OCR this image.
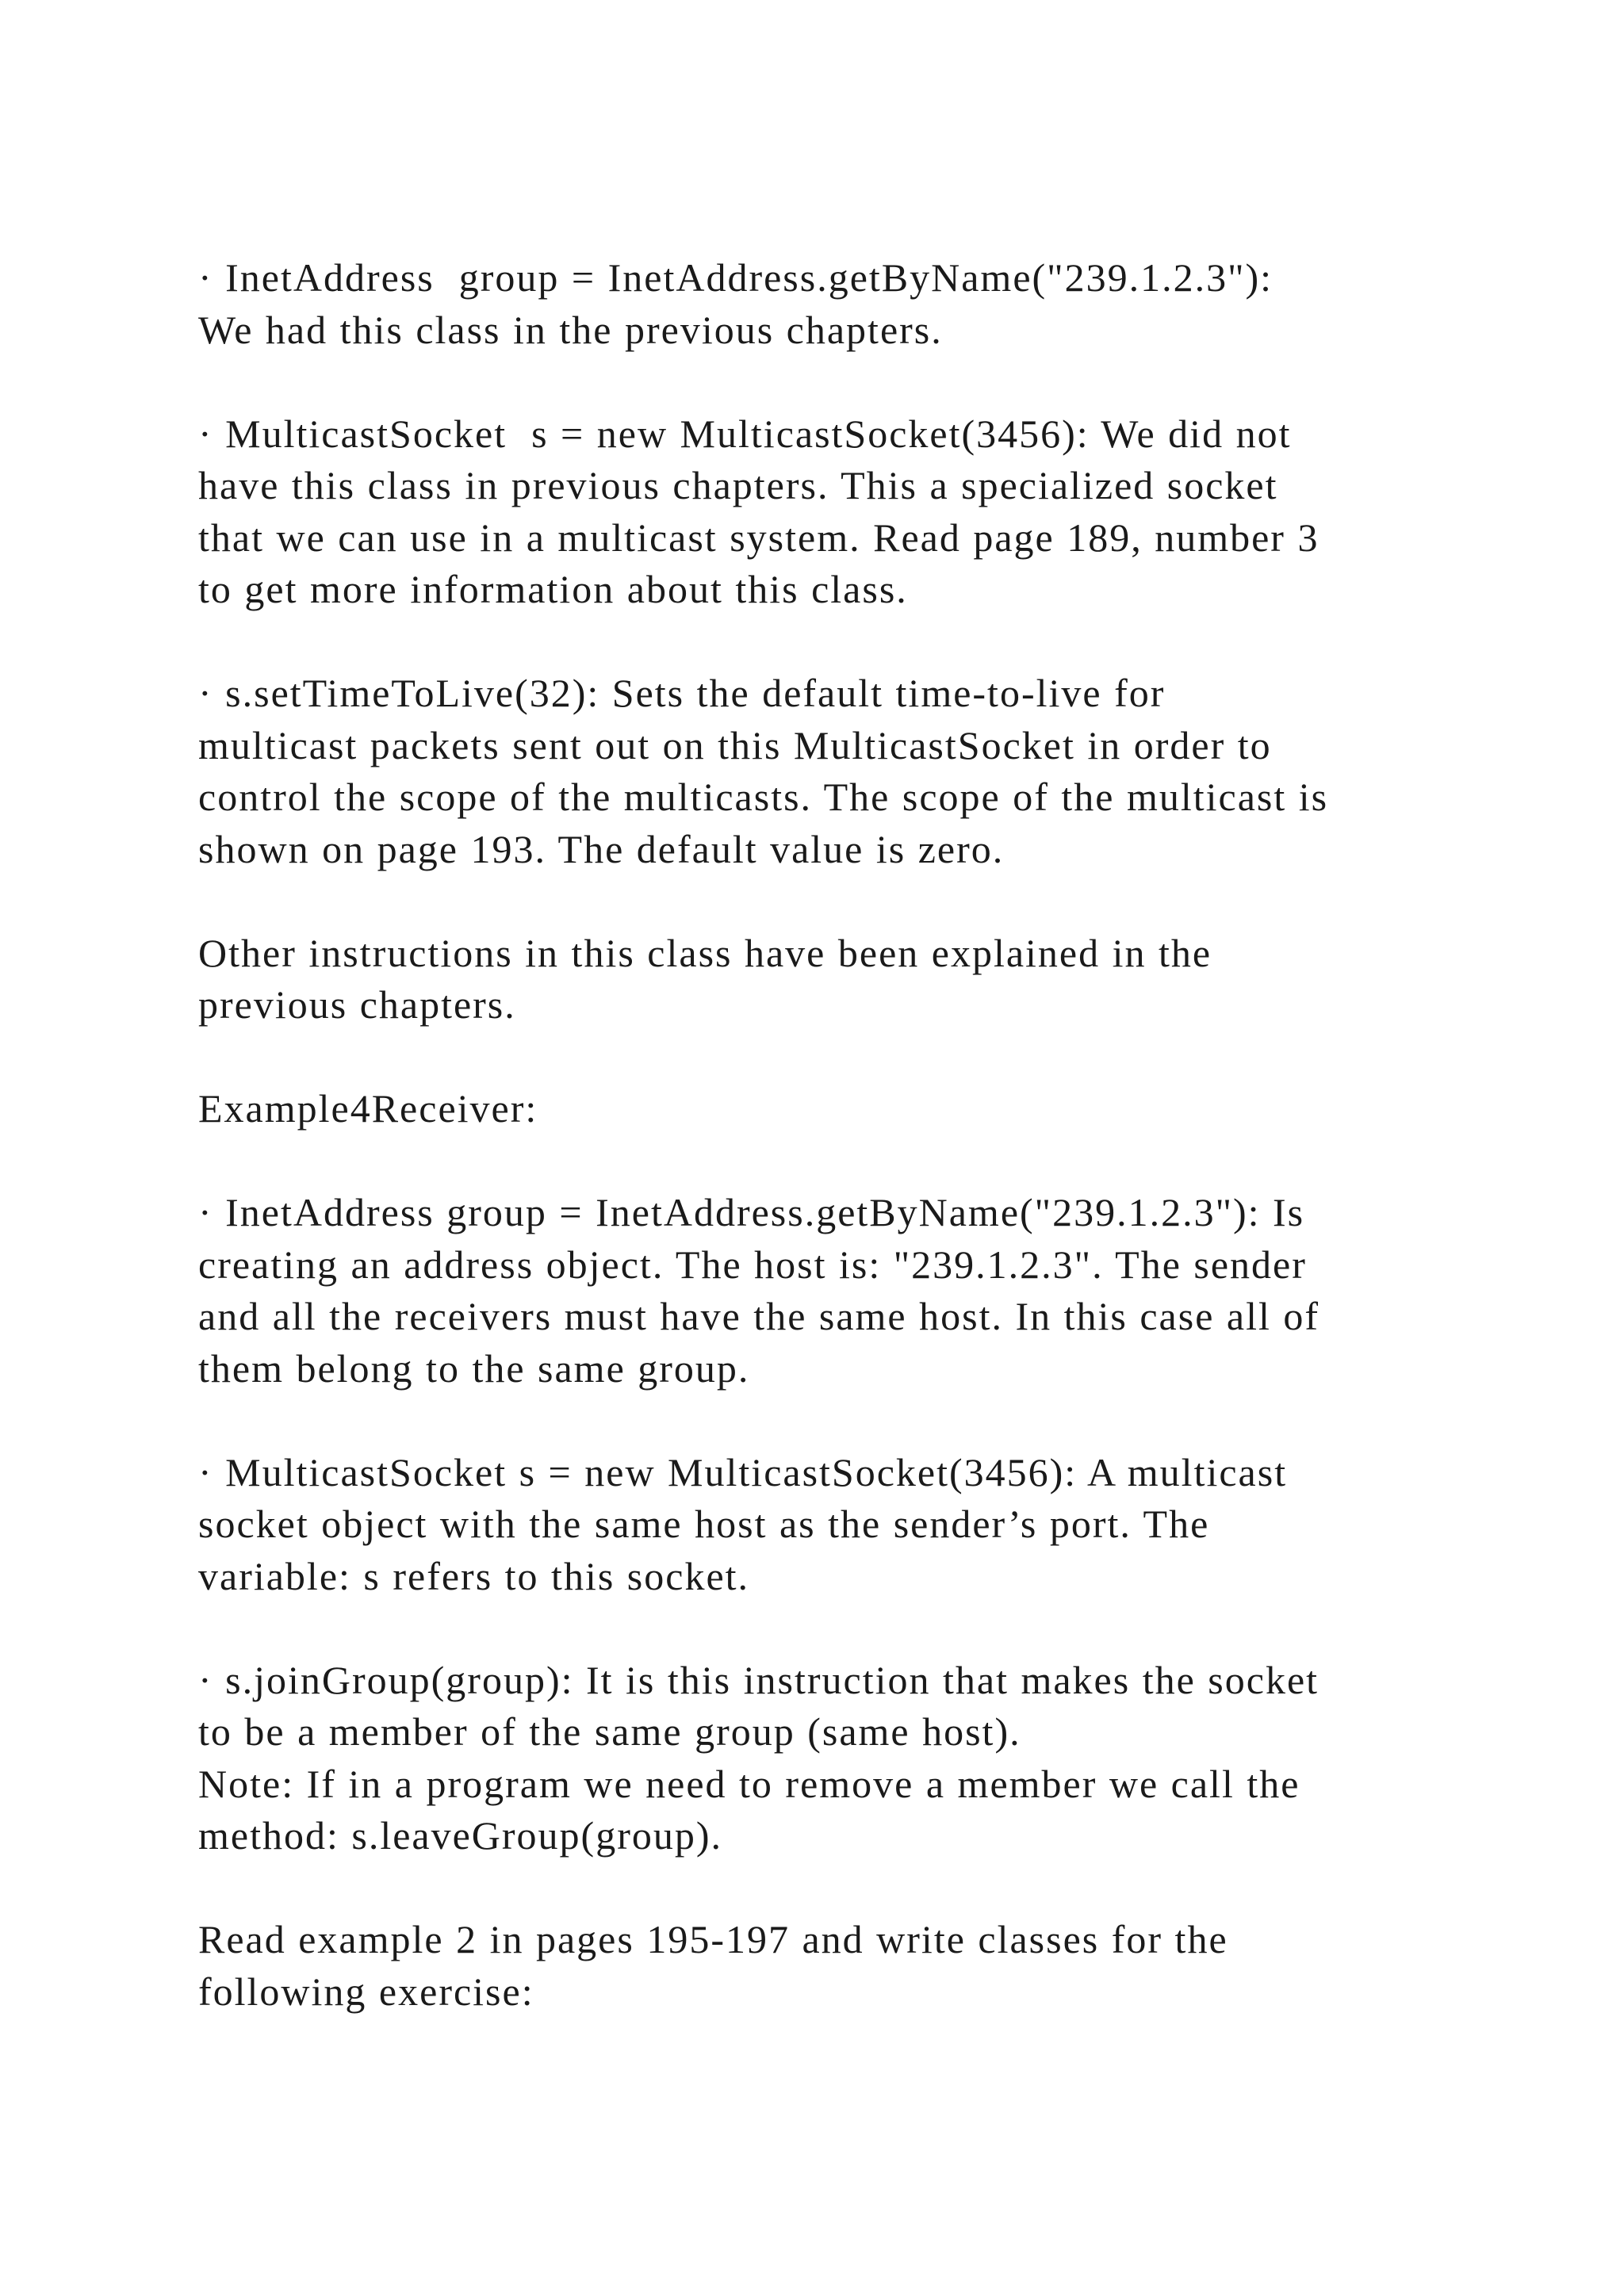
· InetAddress  group = InetAddress.getByName("239.1.2.3"):
We had this class in the previous chapters.

· MulticastSocket  s = new MulticastSocket(3456): We did not
have this class in previous chapters. This a specialized socket
that we can use in a multicast system. Read page 189, number 3
to get more information about this class.

· s.setTimeToLive(32): Sets the default time-to-live for
multicast packets sent out on this MulticastSocket in order to
control the scope of the multicasts. The scope of the multicast is
shown on page 193. The default value is zero.

Other instructions in this class have been explained in the
previous chapters.

Example4Receiver:

· InetAddress group = InetAddress.getByName("239.1.2.3"): Is
creating an address object. The host is: "239.1.2.3". The sender
and all the receivers must have the same host. In this case all of
them belong to the same group.

· MulticastSocket s = new MulticastSocket(3456): A multicast
socket object with the same host as the sender’s port. The
variable: s refers to this socket.

· s.joinGroup(group): It is this instruction that makes the socket
to be a member of the same group (same host).
Note: If in a program we need to remove a member we call the
method: s.leaveGroup(group).

Read example 2 in pages 195-197 and write classes for the
following exercise:
